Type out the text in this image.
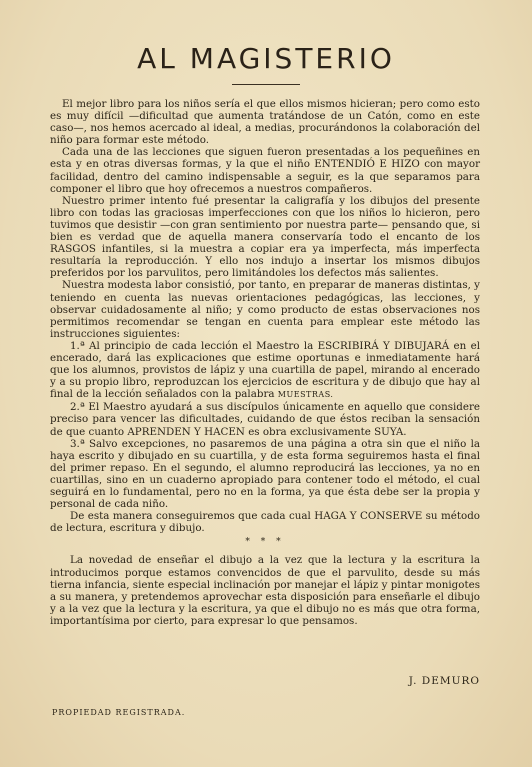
AL MAGISTERIO

El mejor libro para los niños sería el que ellos mismos hicieran; pero como esto es muy difícil —dificultad que aumenta tratándose de un Catón, como en este caso—, nos hemos acercado al ideal, a medias, procurándonos la colaboración del niño para formar este método.

Cada una de las lecciones que siguen fueron presentadas a los pequeñines en esta y en otras diversas formas, y la que el niño ENTENDIÓ E HIZO con mayor facilidad, dentro del camino indispensable a seguir, es la que separamos para componer el libro que hoy ofrecemos a nuestros compañeros.

Nuestro primer intento fué presentar la caligrafía y los dibujos del presente libro con todas las graciosas imperfecciones con que los niños lo hicieron, pero tuvimos que desistir —con gran sentimiento por nuestra parte— pensando que, si bien es verdad que de aquella manera conservaría todo el encanto de los RASGOS infantiles, si la muestra a copiar era ya imperfecta, más imperfecta resultaría la reproducción. Y ello nos indujo a insertar los mismos dibujos preferidos por los parvulitos, pero limitándoles los defectos más salientes.

Nuestra modesta labor consistió, por tanto, en preparar de maneras distintas, y teniendo en cuenta las nuevas orientaciones pedagógicas, las lecciones, y observar cuidadosamente al niño; y como producto de estas observaciones nos permitimos recomendar se tengan en cuenta para emplear este método las instrucciones siguientes:

1.ª Al principio de cada lección el Maestro la ESCRIBIRÁ Y DIBUJARÁ en el encerado, dará las explicaciones que estime oportunas e inmediatamente hará que los alumnos, provistos de lápiz y una cuartilla de papel, mirando al encerado y a su propio libro, reproduzcan los ejercicios de escritura y de dibujo que hay al final de la lección señalados con la palabra MUESTRAS.

2.ª El Maestro ayudará a sus discípulos únicamente en aquello que considere preciso para vencer las dificultades, cuidando de que éstos reciban la sensación de que cuanto APRENDEN Y HACEN es obra exclusivamente SUYA.

3.ª Salvo excepciones, no pasaremos de una página a otra sin que el niño la haya escrito y dibujado en su cuartilla, y de esta forma seguiremos hasta el final del primer repaso. En el segundo, el alumno reproducirá las lecciones, ya no en cuartillas, sino en un cuaderno apropiado para contener todo el método, el cual seguirá en lo fundamental, pero no en la forma, ya que ésta debe ser la propia y personal de cada niño.

De esta manera conseguiremos que cada cual HAGA Y CONSERVE su método de lectura, escritura y dibujo.

* * *

La novedad de enseñar el dibujo a la vez que la lectura y la escritura la introducimos porque estamos convencidos de que el parvulito, desde su más tierna infancia, siente especial inclinación por manejar el lápiz y pintar monigotes a su manera, y pretendemos aprovechar esta disposición para enseñarle el dibujo y a la vez que la lectura y la escritura, ya que el dibujo no es más que otra forma, importantísima por cierto, para expresar lo que pensamos.

J. DEMURO
PROPIEDAD REGISTRADA.
